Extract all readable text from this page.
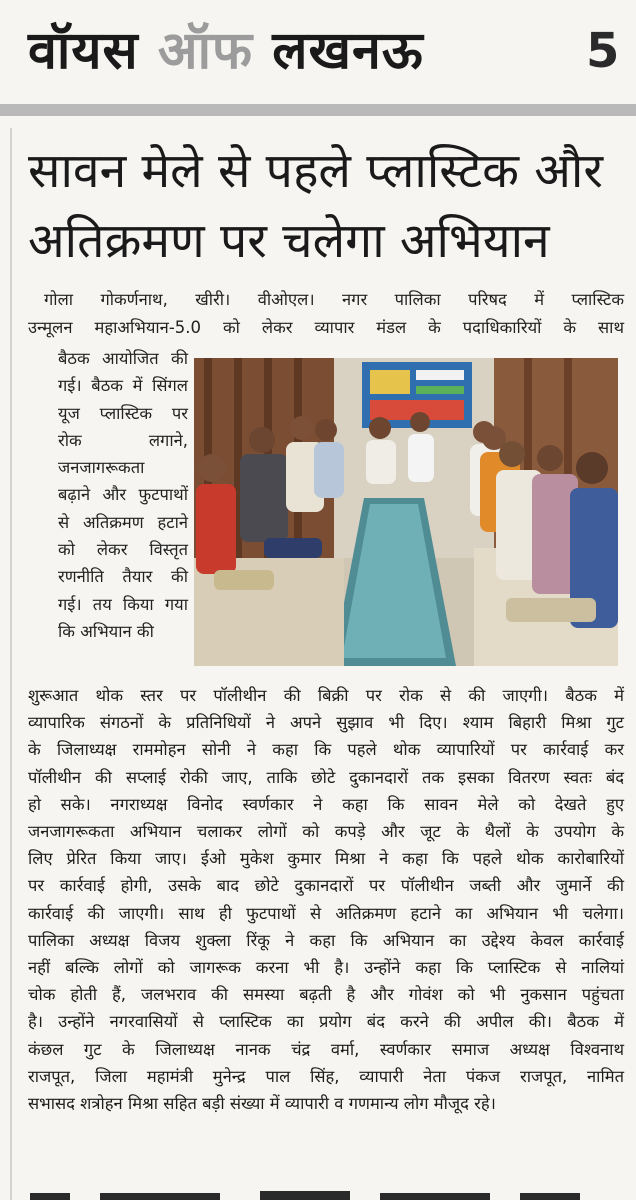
वॉयस ऑफ लखनऊ	5
सावन मेले से पहले प्लास्टिक और
अतिक्रमण पर चलेगा अभियान
गोला गोकर्णनाथ, खीरी। वीओएल। नगर पालिका परिषद में प्लास्टिक
उन्मूलन महाअभियान-5.0 को लेकर व्यापार मंडल के पदाधिकारियों के साथ
बैठक आयोजित की
गई। बैठक में सिंगल
यूज प्लास्टिक पर
रोक लगाने,
जनजागरूकता
बढ़ाने और फुटपाथों
से अतिक्रमण हटाने
को लेकर विस्तृत
रणनीति तैयार की
गई। तय किया गया
कि अभियान की
शुरूआत थोक स्तर पर पॉलीथीन की बिक्री पर रोक से की जाएगी। बैठक में
व्यापारिक संगठनों के प्रतिनिधियों ने अपने सुझाव भी दिए। श्याम बिहारी मिश्रा गुट
के जिलाध्यक्ष राममोहन सोनी ने कहा कि पहले थोक व्यापारियों पर कार्रवाई कर
पॉलीथीन की सप्लाई रोकी जाए, ताकि छोटे दुकानदारों तक इसका वितरण स्वतः बंद
हो सके। नगराध्यक्ष विनोद स्वर्णकार ने कहा कि सावन मेले को देखते हुए
जनजागरूकता अभियान चलाकर लोगों को कपड़े और जूट के थैलों के उपयोग के
लिए प्रेरित किया जाए। ईओ मुकेश कुमार मिश्रा ने कहा कि पहले थोक कारोबारियों
पर कार्रवाई होगी, उसके बाद छोटे दुकानदारों पर पॉलीथीन जब्ती और जुमार्ने की
कार्रवाई की जाएगी। साथ ही फुटपाथों से अतिक्रमण हटाने का अभियान भी चलेगा।
पालिका अध्यक्ष विजय शुक्ला रिंकू ने कहा कि अभियान का उद्देश्य केवल कार्रवाई
नहीं बल्कि लोगों को जागरूक करना भी है। उन्होंने कहा कि प्लास्टिक से नालियां
चोक होती हैं, जलभराव की समस्या बढ़ती है और गोवंश को भी नुकसान पहुंचता
है। उन्होंने नगरवासियों से प्लास्टिक का प्रयोग बंद करने की अपील की। बैठक में
कंछल गुट के जिलाध्यक्ष नानक चंद्र वर्मा, स्वर्णकार समाज अध्यक्ष विश्वनाथ
राजपूत, जिला महामंत्री मुनेन्द्र पाल सिंह, व्यापारी नेता पंकज राजपूत, नामित
सभासद शत्रोहन मिश्रा सहित बड़ी संख्या में व्यापारी व गणमान्य लोग मौजूद रहे।
